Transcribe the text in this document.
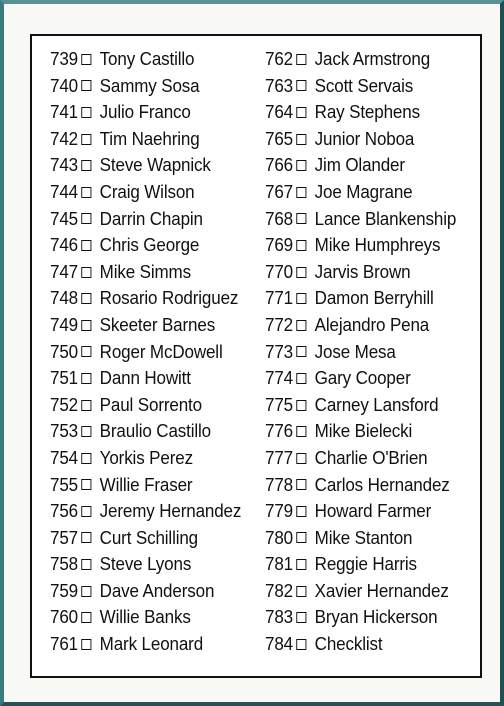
739 Tony Castillo
740 Sammy Sosa
741 Julio Franco
742 Tim Naehring
743 Steve Wapnick
744 Craig Wilson
745 Darrin Chapin
746 Chris George
747 Mike Simms
748 Rosario Rodriguez
749 Skeeter Barnes
750 Roger McDowell
751 Dann Howitt
752 Paul Sorrento
753 Braulio Castillo
754 Yorkis Perez
755 Willie Fraser
756 Jeremy Hernandez
757 Curt Schilling
758 Steve Lyons
759 Dave Anderson
760 Willie Banks
761 Mark Leonard
762 Jack Armstrong
763 Scott Servais
764 Ray Stephens
765 Junior Noboa
766 Jim Olander
767 Joe Magrane
768 Lance Blankenship
769 Mike Humphreys
770 Jarvis Brown
771 Damon Berryhill
772 Alejandro Pena
773 Jose Mesa
774 Gary Cooper
775 Carney Lansford
776 Mike Bielecki
777 Charlie O'Brien
778 Carlos Hernandez
779 Howard Farmer
780 Mike Stanton
781 Reggie Harris
782 Xavier Hernandez
783 Bryan Hickerson
784 Checklist
